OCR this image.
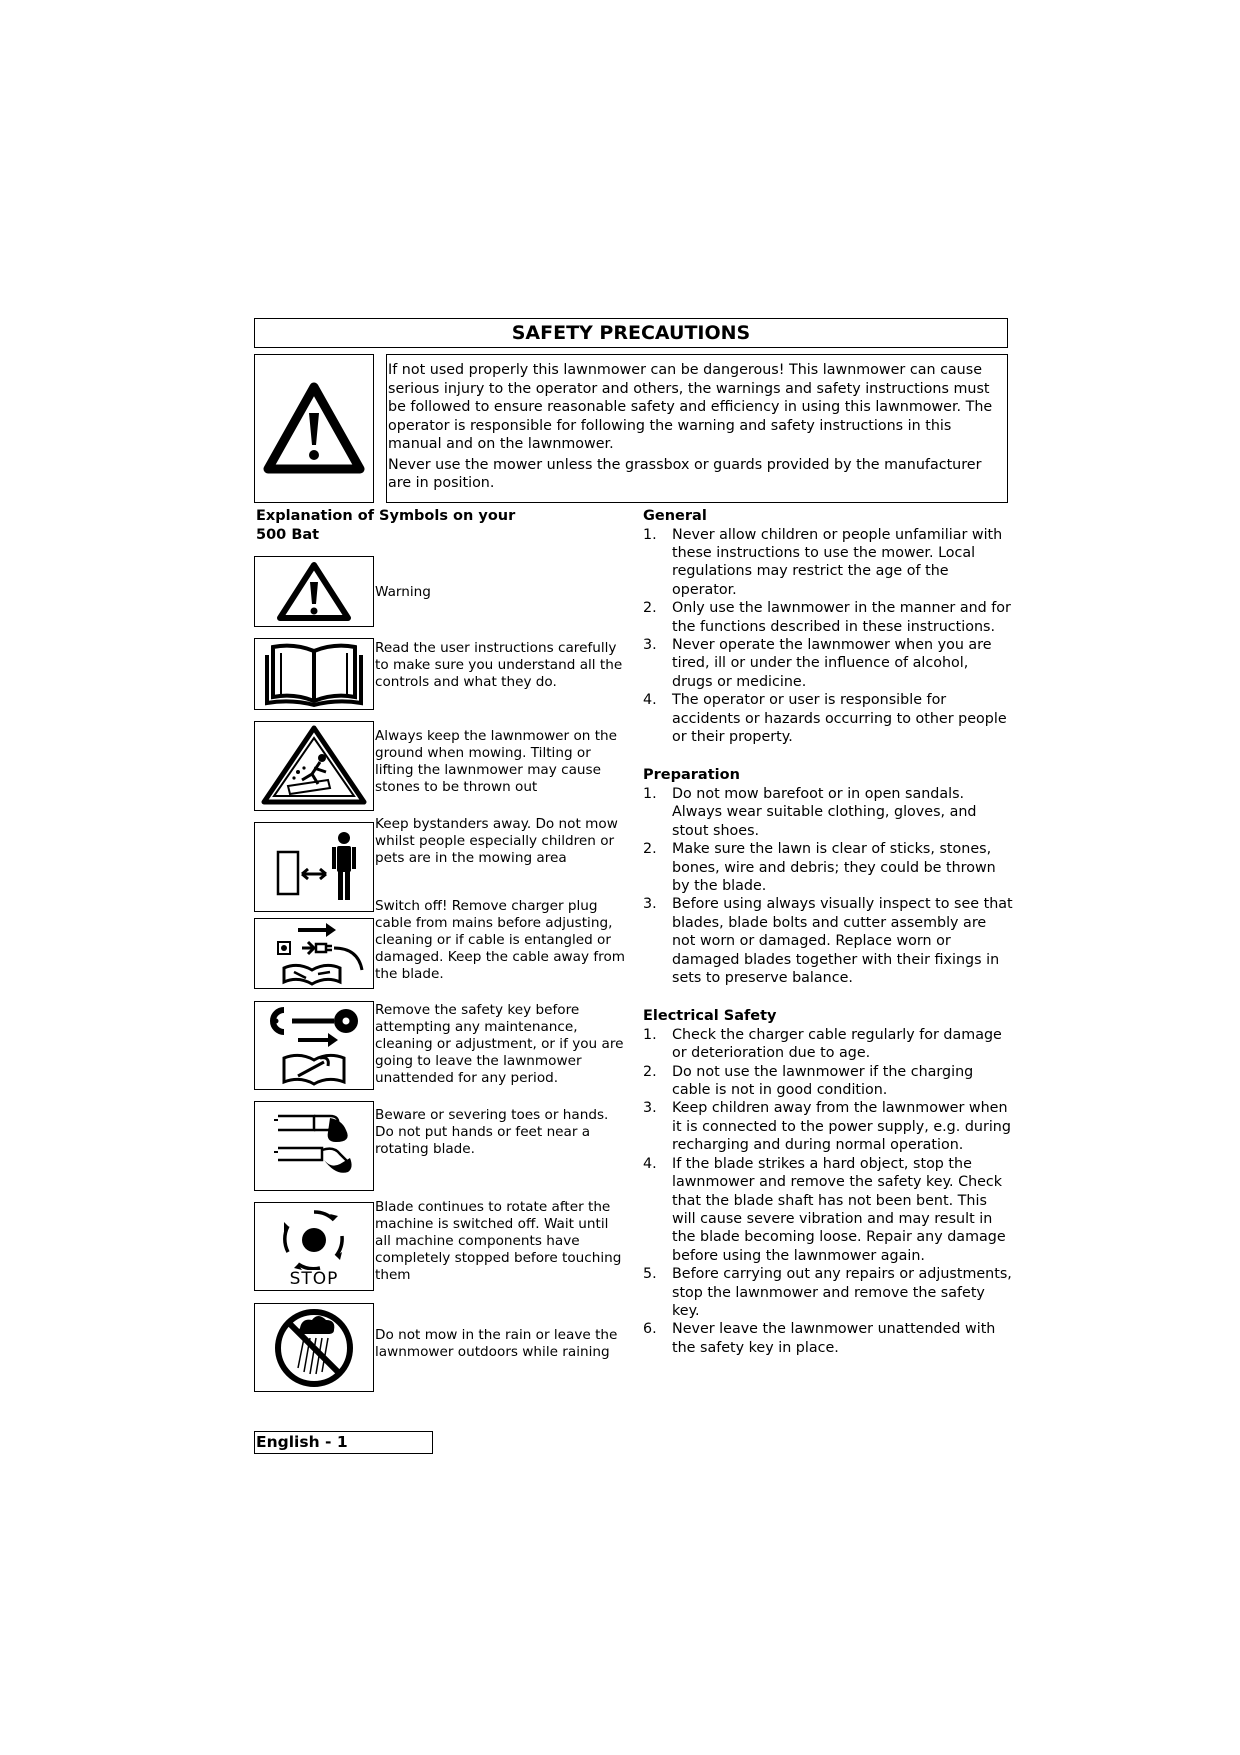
SAFETY PRECAUTIONS

If not used properly this lawnmower can be dangerous! This lawnmower can cause serious injury to the operator and others, the warnings and safety instructions must be followed to ensure reasonable safety and efficiency in using this lawnmower. The operator is responsible for following the warning and safety instructions in this manual and on the lawnmower.

Never use the mower unless the grassbox or guards provided by the manufacturer are in position.

Explanation of Symbols on your
500 Bat
Warning
Read the user instructions carefully to make sure you understand all the controls and what they do.
Always keep the lawnmower on the ground when mowing. Tilting or lifting the lawnmower may cause stones to be thrown out
Keep bystanders away. Do not mow whilst people especially children or pets are in the mowing area
Switch off! Remove charger plug cable from mains before adjusting, cleaning or if cable is entangled or damaged. Keep the cable away from the blade.
Remove the safety key before attempting any maintenance, cleaning or adjustment, or if you are going to leave the lawnmower unattended for any period.
Beware or severing toes or hands. Do not put hands or feet near a rotating blade.
STOP
Blade continues to rotate after the machine is switched off. Wait until all machine components have completely stopped before touching them
Do not mow in the rain or leave the lawnmower outdoors while raining
General
1.	Never allow children or people unfamiliar with these instructions to use the mower. Local regulations may restrict the age of the operator.
2.	Only use the lawnmower in the manner and for the functions described in these instructions.
3.	Never operate the lawnmower when you are tired, ill or under the influence of alcohol, drugs or medicine.
4.	The operator or user is responsible for accidents or hazards occurring to other people or their property.
Preparation
1.	Do not mow barefoot or in open sandals. Always wear suitable clothing, gloves, and stout shoes.
2.	Make sure the lawn is clear of sticks, stones, bones, wire and debris; they could be thrown by the blade.
3.	Before using always visually inspect to see that blades, blade bolts and cutter assembly are not worn or damaged. Replace worn or damaged blades together with their fixings in sets to preserve balance.
Electrical Safety
1.	Check the charger cable regularly for damage or deterioration due to age.
2.	Do not use the lawnmower if the charging cable is not in good condition.
3.	Keep children away from the lawnmower when it is connected to the power supply, e.g. during recharging and during normal operation.
4.	If the blade strikes a hard object, stop the lawnmower and remove the safety key. Check that the blade shaft has not been bent. This will cause severe vibration and may result in the blade becoming loose. Repair any damage before using the lawnmower again.
5.	Before carrying out any repairs or adjustments, stop the lawnmower and remove the safety key.
6.	Never leave the lawnmower unattended with the safety key in place.
English - 1
